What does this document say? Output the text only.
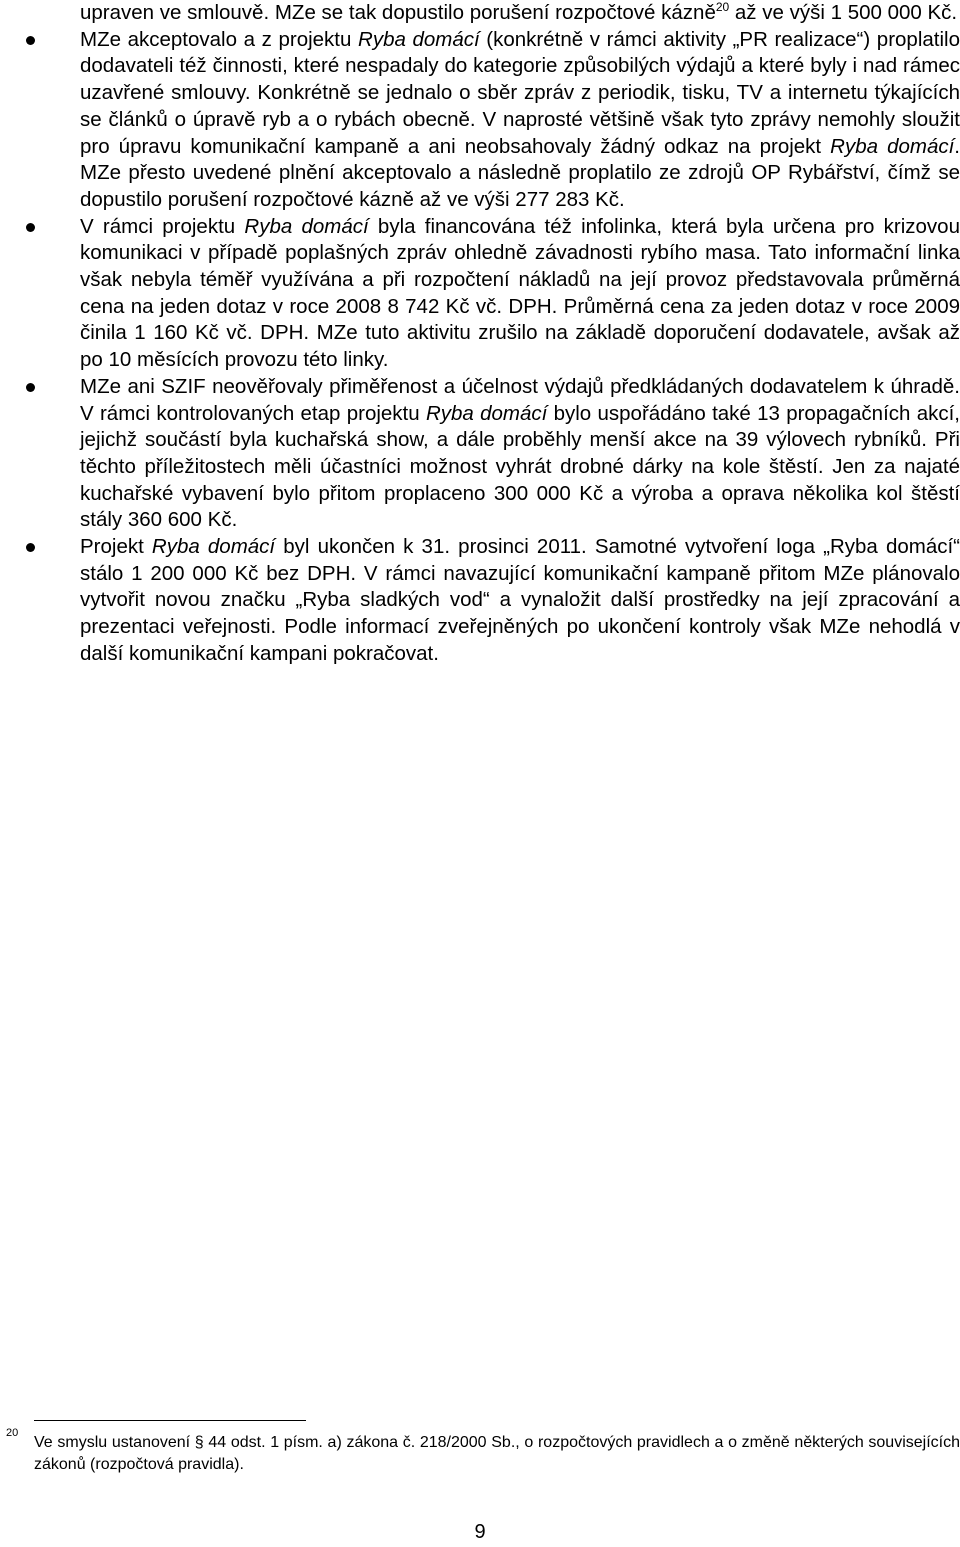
upraven ve smlouvě. MZe se tak dopustilo porušení rozpočtové kázně$^{20}$ až ve výši 1 500 000 Kč.

MZe akceptovalo a z projektu Ryba domácí (konkrétně v rámci aktivity „PR realizace“) proplatilo dodavateli též činnosti, které nespadaly do kategorie způsobilých výdajů a které byly i nad rámec uzavřené smlouvy. Konkrétně se jednalo o sběr zpráv z periodik, tisku, TV a internetu týkajících se článků o úpravě ryb a o rybách obecně. V naprosté většině však tyto zprávy nemohly sloužit pro úpravu komunikační kampaně a ani neobsahovaly žádný odkaz na projekt Ryba domácí. MZe přesto uvedené plnění akceptovalo a následně proplatilo ze zdrojů OP Rybářství, čímž se dopustilo porušení rozpočtové kázně až ve výši 277 283 Kč.
V rámci projektu Ryba domácí byla financována též infolinka, která byla určena pro krizovou komunikaci v případě poplašných zpráv ohledně závadnosti rybího masa. Tato informační linka však nebyla téměř využívána a při rozpočtení nákladů na její provoz představovala průměrná cena na jeden dotaz v roce 2008 8 742 Kč vč. DPH. Průměrná cena za jeden dotaz v roce 2009 činila 1 160 Kč vč. DPH. MZe tuto aktivitu zrušilo na základě doporučení dodavatele, avšak až po 10 měsících provozu této linky.
MZe ani SZIF neověřovaly přiměřenost a účelnost výdajů předkládaných dodavatelem k úhradě. V rámci kontrolovaných etap projektu Ryba domácí bylo uspořádáno také 13 propagačních akcí, jejichž součástí byla kuchařská show, a dále proběhly menší akce na 39 výlovech rybníků. Při těchto příležitostech měli účastníci možnost vyhrát drobné dárky na kole štěstí. Jen za najaté kuchařské vybavení bylo přitom proplaceno 300 000 Kč a výroba a oprava několika kol štěstí stály 360 600 Kč.
Projekt Ryba domácí byl ukončen k 31. prosinci 2011. Samotné vytvoření loga „Ryba domácí“ stálo 1 200 000 Kč bez DPH. V rámci navazující komunikační kampaně přitom MZe plánovalo vytvořit novou značku „Ryba sladkých vod“ a vynaložit další prostředky na její zpracování a prezentaci veřejnosti. Podle informací zveřejněných po ukončení kontroly však MZe nehodlá v další komunikační kampani pokračovat.
20
Ve smyslu ustanovení § 44 odst. 1 písm. a) zákona č. 218/2000 Sb., o rozpočtových pravidlech a o změně některých souvisejících zákonů (rozpočtová pravidla).
9
